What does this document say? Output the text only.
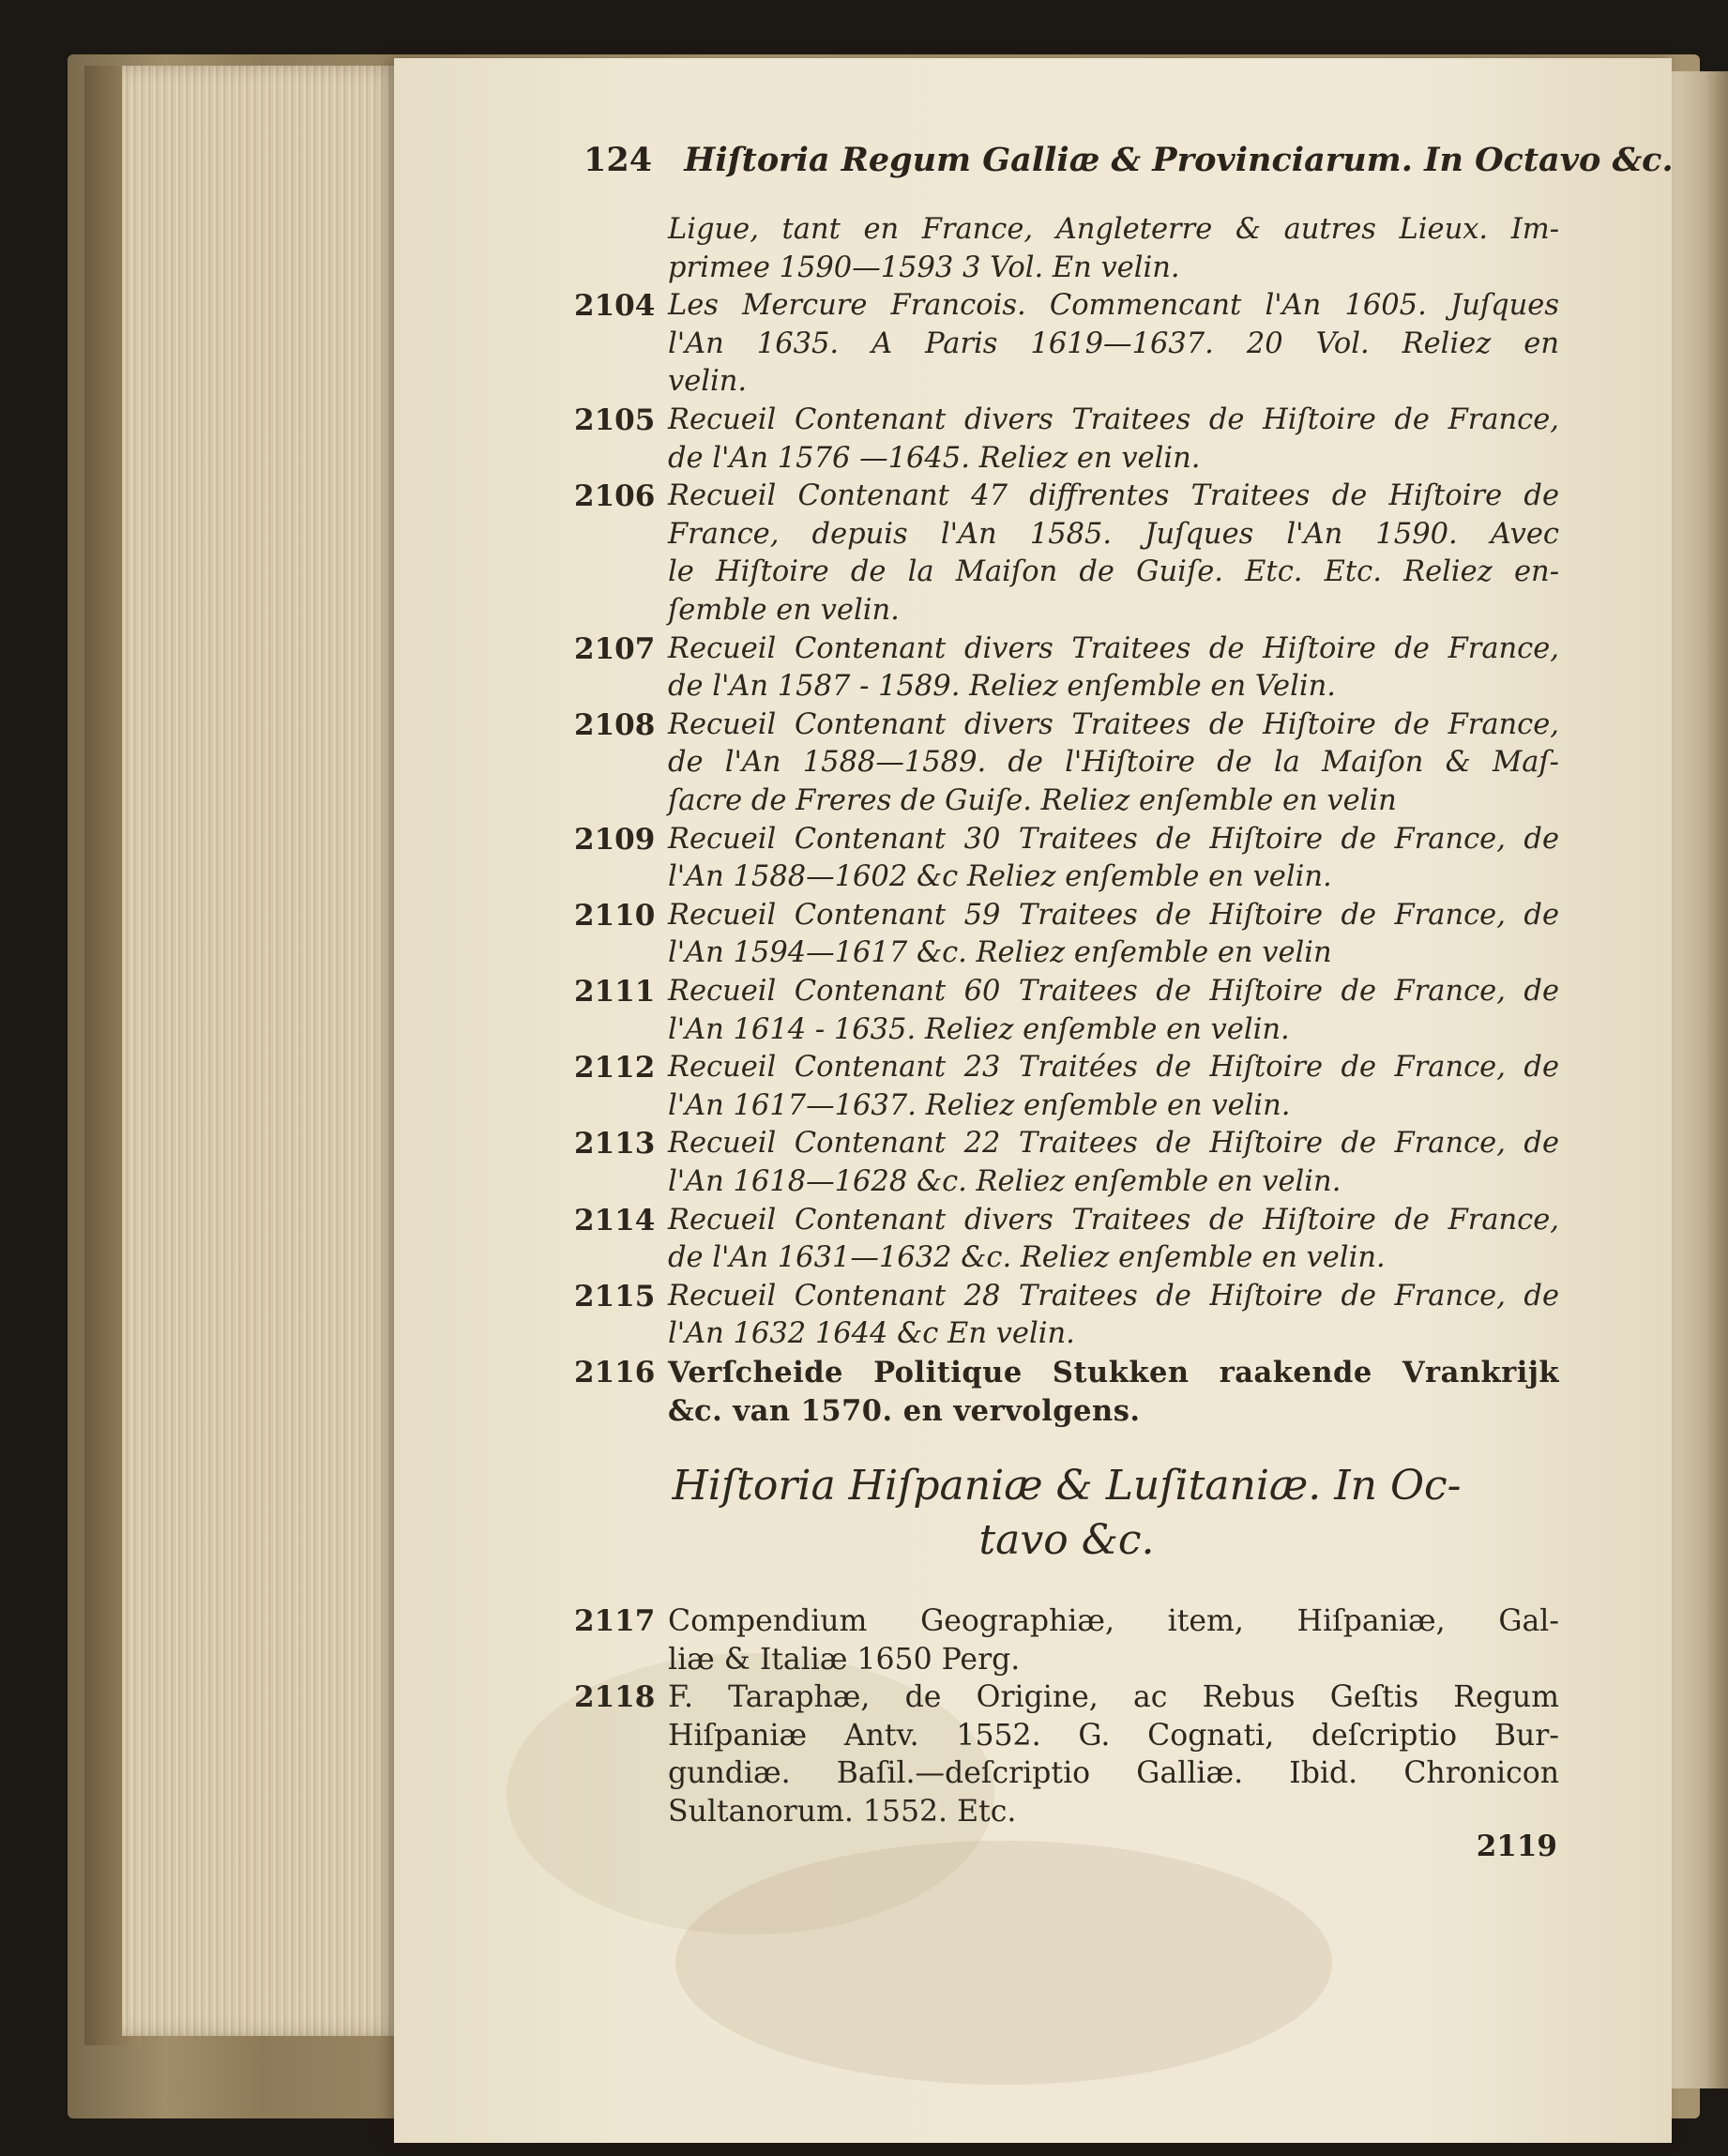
124 Hiſtoria Regum Galliæ & Provinciarum. In Octavo &c.
Ligue, tant en France, Angleterre & autres Lieux. Im-
primee 1590—1593 3 Vol. En velin.
2104 Les Mercure Francois. Commencant l'An 1605. Juſques
l'An 1635. A Paris 1619—1637. 20 Vol. Reliez en
velin.
2105 Recueil Contenant divers Traitees de Hiſtoire de France,
de l'An 1576 —1645. Reliez en velin.
2106 Recueil Contenant 47 diffrentes Traitees de Hiſtoire de
France, depuis l'An 1585. Juſques l'An 1590. Avec
le Hiſtoire de la Maiſon de Guiſe. Etc. Etc. Reliez en-
ſemble en velin.
2107 Recueil Contenant divers Traitees de Hiſtoire de France,
de l'An 1587 - 1589. Reliez enſemble en Velin.
2108 Recueil Contenant divers Traitees de Hiſtoire de France,
de l'An 1588—1589. de l'Hiſtoire de la Maiſon & Maſ-
ſacre de Freres de Guiſe. Reliez enſemble en velin
2109 Recueil Contenant 30 Traitees de Hiſtoire de France, de
l'An 1588—1602 &c Reliez enſemble en velin.
2110 Recueil Contenant 59 Traitees de Hiſtoire de France, de
l'An 1594—1617 &c. Reliez enſemble en velin
2111 Recueil Contenant 60 Traitees de Hiſtoire de France, de
l'An 1614 - 1635. Reliez enſemble en velin.
2112 Recueil Contenant 23 Traitées de Hiſtoire de France, de
l'An 1617—1637. Reliez enſemble en velin.
2113 Recueil Contenant 22 Traitees de Hiſtoire de France, de
l'An 1618—1628 &c. Reliez enſemble en velin.
2114 Recueil Contenant divers Traitees de Hiſtoire de France,
de l'An 1631—1632 &c. Reliez enſemble en velin.
2115 Recueil Contenant 28 Traitees de Hiſtoire de France, de
l'An 1632 1644 &c En velin.
2116 Verſcheide Politique Stukken raakende Vrankrijk
&c. van 1570. en vervolgens.
Hiſtoria Hiſpaniæ & Luſitaniæ. In Oc-
tavo &c.
2117 Compendium Geographiæ, item, Hiſpaniæ, Gal-
liæ & Italiæ 1650 Perg.
2118 F. Taraphæ, de Origine, ac Rebus Geſtis Regum
Hiſpaniæ Antv. 1552. G. Cognati, deſcriptio Bur-
gundiæ. Baſil.—deſcriptio Galliæ. Ibid. Chronicon
Sultanorum. 1552. Etc.
2119
